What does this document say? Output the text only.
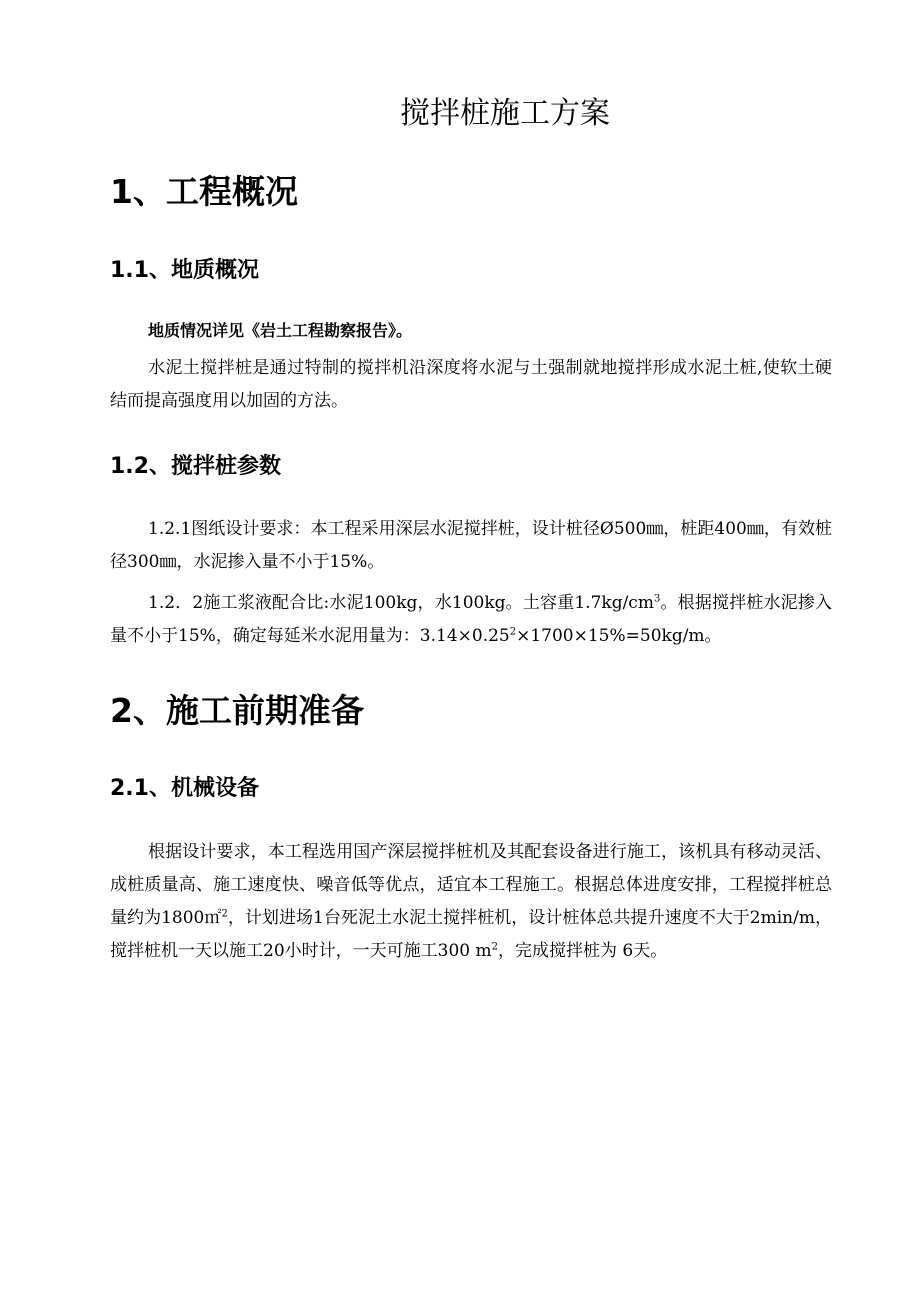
搅拌桩施工方案
1、工程概况
1.1、地质概况

地质情况详见《岩土工程勘察报告》。

水泥土搅拌桩是通过特制的搅拌机沿深度将水泥与土强制就地搅拌形成水泥土桩,使软土硬结而提高强度用以加固的方法。

1.2、搅拌桩参数

1.2.1图纸设计要求：本工程采用深层水泥搅拌桩，设计桩径Ø500㎜，桩距400㎜，有效桩径300㎜，水泥掺入量不小于15%。

1.2．2施工浆液配合比:水泥100kg，水100kg。土容重$1.7kg/cm^3$。根据搅拌桩水泥掺入量不小于15%，确定每延米水泥用量为：$3.14\times 0.25^2\times 1700\times 15\%=50kg/m$。

2、施工前期准备
2.1、机械设备

根据设计要求，本工程选用国产深层搅拌桩机及其配套设备进行施工，该机具有移动灵活、成桩质量高、施工速度快、噪音低等优点，适宜本工程施工。根据总体进度安排，工程搅拌桩总量约为1800㎡$^2$，计划进场1台死泥土水泥土搅拌桩机，设计桩体总共提升速度不大于2min/m，搅拌桩机一天以施工20小时计，一天可施工300 $m^2$，完成搅拌桩为 6天。
